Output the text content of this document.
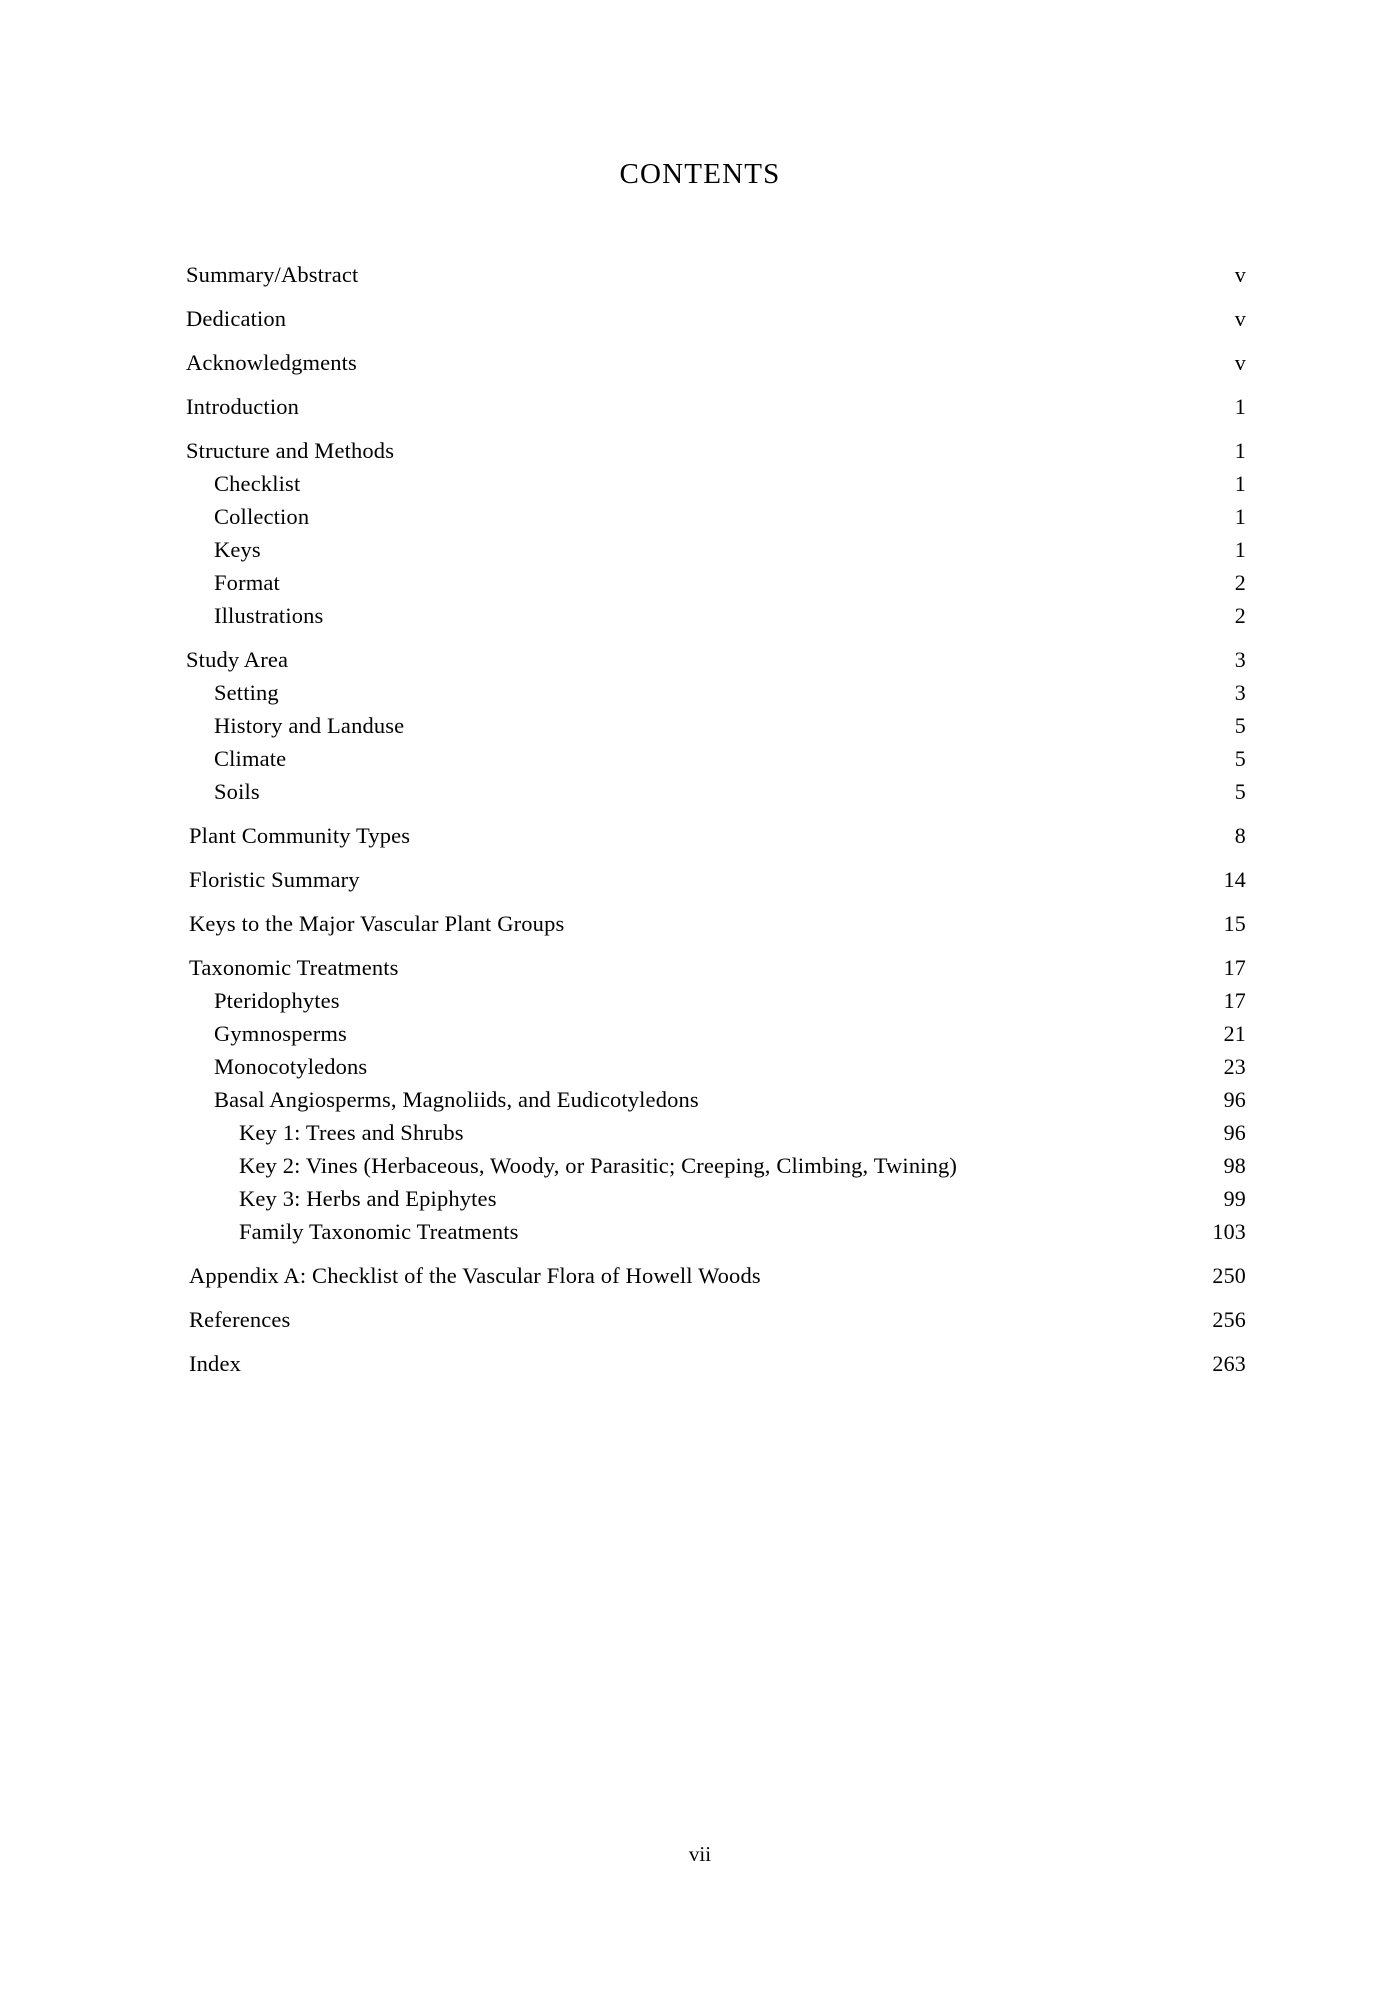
CONTENTS
Summary/Abstract	v
Dedication	v
Acknowledgments	v
Introduction	1
Structure and Methods	1
Checklist	1
Collection	1
Keys	1
Format	2
Illustrations	2
Study Area	3
Setting	3
History and Landuse	5
Climate	5
Soils	5
Plant Community Types	8
Floristic Summary	14
Keys to the Major Vascular Plant Groups	15
Taxonomic Treatments	17
Pteridophytes	17
Gymnosperms	21
Monocotyledons	23
Basal Angiosperms, Magnoliids, and Eudicotyledons	96
Key 1: Trees and Shrubs	96
Key 2: Vines (Herbaceous, Woody, or Parasitic; Creeping, Climbing, Twining)	98
Key 3: Herbs and Epiphytes	99
Family Taxonomic Treatments	103
Appendix A: Checklist of the Vascular Flora of Howell Woods	250
References	256
Index	263
vii
